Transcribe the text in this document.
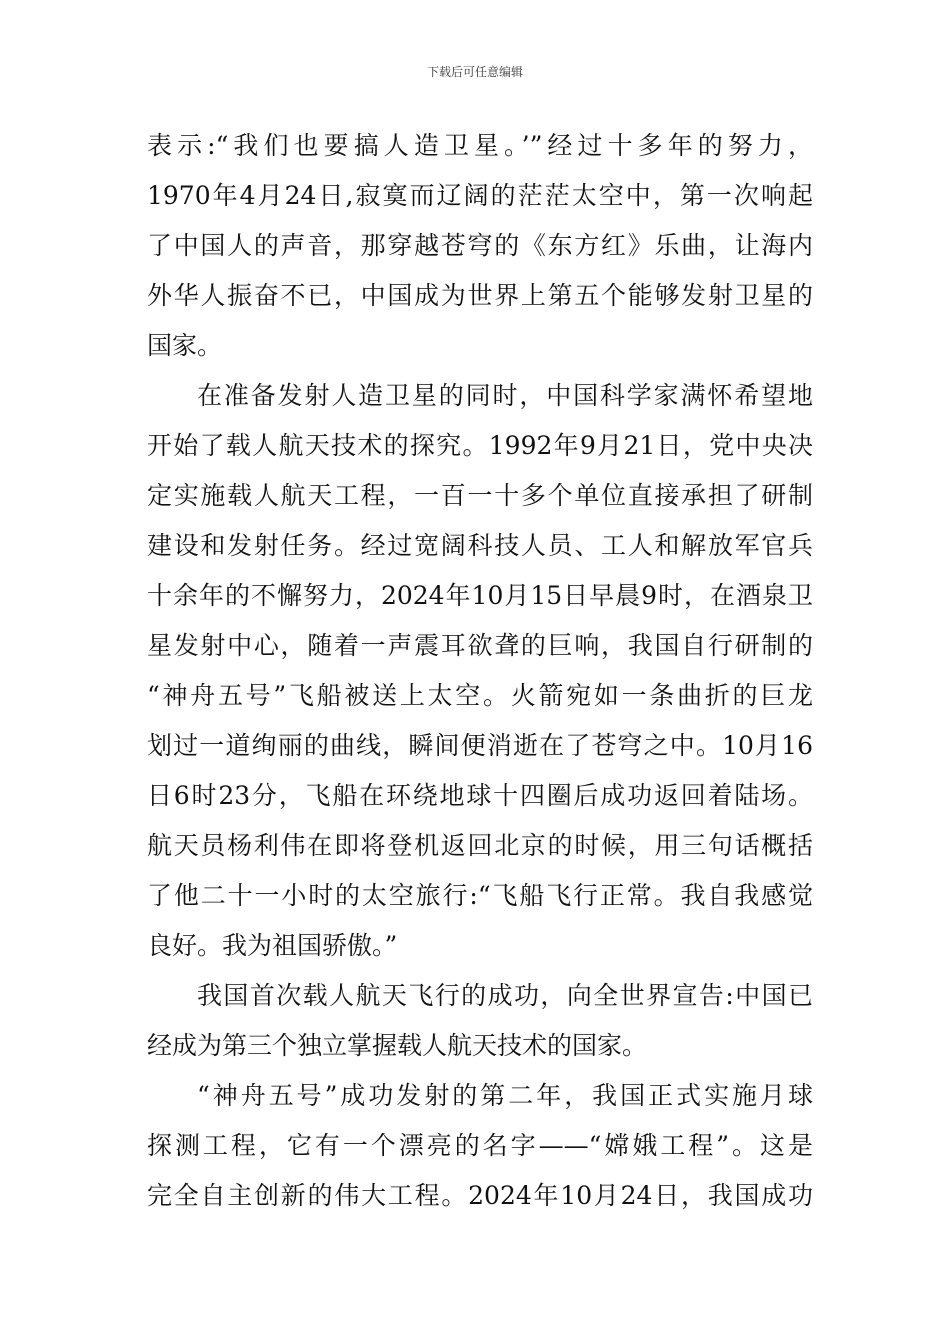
下载后可任意编辑
表示:“我们也要搞人造卫星。’”经过十多年的努力，
1970年4月24日,寂寞而辽阔的茫茫太空中，第一次响起
了中国人的声音，那穿越苍穹的《东方红》乐曲，让海内
外华人振奋不已，中国成为世界上第五个能够发射卫星的
国家。
在准备发射人造卫星的同时，中国科学家满怀希望地
开始了载人航天技术的探究。1992年9月21日，党中央决
定实施载人航天工程，一百一十多个单位直接承担了研制
建设和发射任务。经过宽阔科技人员、工人和解放军官兵
十余年的不懈努力，2024年10月15日早晨9时，在酒泉卫
星发射中心，随着一声震耳欲聋的巨响，我国自行研制的
“神舟五号”飞船被送上太空。火箭宛如一条曲折的巨龙
划过一道绚丽的曲线，瞬间便消逝在了苍穹之中。10月16
日6时23分，飞船在环绕地球十四圈后成功返回着陆场。
航天员杨利伟在即将登机返回北京的时候，用三句话概括
了他二十一小时的太空旅行:“飞船飞行正常。我自我感觉
良好。我为祖国骄傲。”
我国首次载人航天飞行的成功，向全世界宣告:中国已
经成为第三个独立掌握载人航天技术的国家。
“神舟五号”成功发射的第二年，我国正式实施月球
探测工程，它有一个漂亮的名字——“嫦娥工程”。这是
完全自主创新的伟大工程。2024年10月24日，我国成功
